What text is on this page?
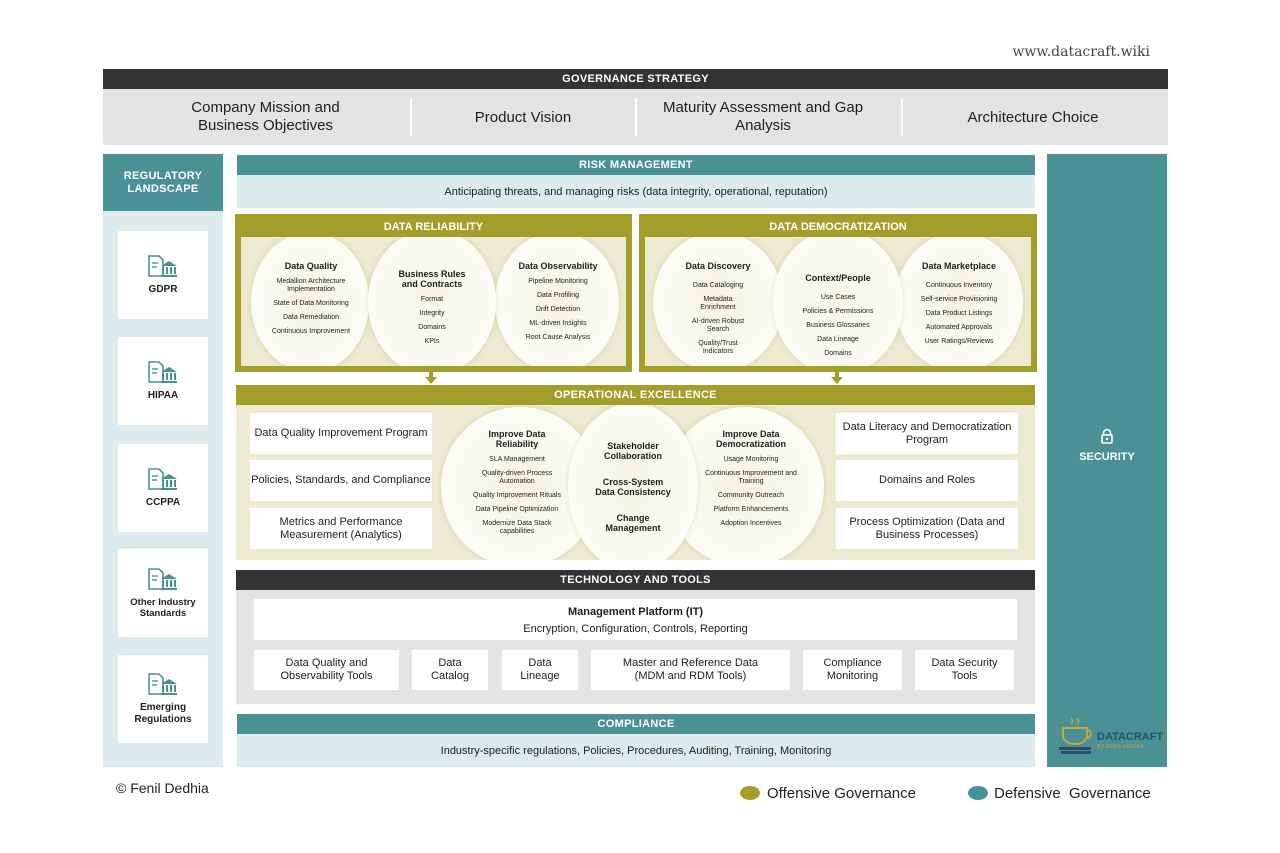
www.datacraft.wiki
GOVERNANCE STRATEGY
Company Mission and Business Objectives	Product Vision
Maturity Assessment and Gap Analysis	Architecture Choice
REGULATORY LANDSCAPE
GDPR
HIPAA
CCPPA
Other Industry Standards
Emerging Regulations
RISK MANAGEMENT
Anticipating threats, and managing risks (data integrity, operational, reputation)
DATA RELIABILITY
Data Quality
Medallion Architecture Implementation
State of Data Monitoring
Data Remediation
Continuous Improvement
Business Rules and Contracts
Format
Integrity
Domains
KPIs
Data Observability
Pipeline Monitoring
Data Profiling
Drift Detection
ML-driven Insights
Root Cause Analysis
DATA DEMOCRATIZATION
Data Discovery
Data Cataloging
Metadata Enrichment
AI-driven Robust Search
Quality/Trust Indicators
Context/People
Use Cases
Policies & Permissions
Business Glossaries
Data Lineage
Domains
Data Marketplace
Continuous Inventory
Self-service Provisioning
Data Product Listings
Automated Approvals
User Ratings/Reviews
OPERATIONAL EXCELLENCE
Data Quality Improvement Program
Policies, Standards, and Compliance
Metrics and Performance Measurement (Analytics)
Data Literacy and Democratization Program
Domains and Roles
Process Optimization (Data and Business Processes)
Improve Data Reliability
SLA Management
Quality-driven Process Automation
Quality Improvement Rituals
Data Pipeline Optimization
Modernize Data Stack capabilities
Stakeholder Collaboration
Cross-System Data Consistency
Change Management
Improve Data Democratization
Usage Monitoring
Continuous Improvement and Training
Community Outreach
Platform Enhancements
Adoption Incentives
TECHNOLOGY AND TOOLS
Management Platform (IT)
Encryption, Configuration, Controls, Reporting
Data Quality and Observability Tools
Data Catalog
Data Lineage
Master and Reference Data (MDM and RDM Tools)
Compliance Monitoring
Data Security Tools
COMPLIANCE
Industry-specific regulations, Policies, Procedures, Auditing, Training, Monitoring
SECURITY
DATACRAFT
BY FENIL DEDHIA
© Fenil Dedhia	Offensive Governance	Defensive  Governance
